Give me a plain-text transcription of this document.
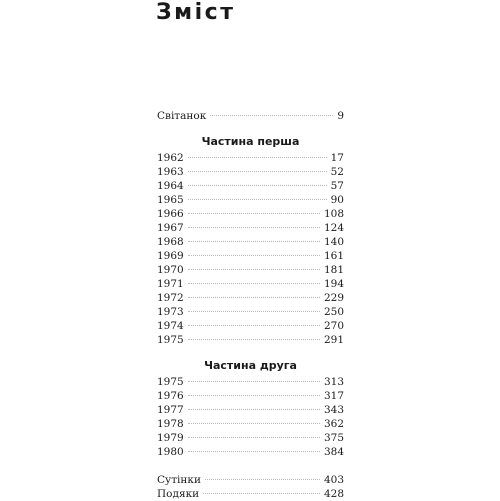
Зміст
Світанок	9
Частина перша
1962	17
1963	52
1964	57
1965	90
1966	108
1967	124
1968	140
1969	161
1970	181
1971	194
1972	229
1973	250
1974	270
1975	291
Частина друга
1975	313
1976	317
1977	343
1978	362
1979	375
1980	384
Сутінки	403
Подяки	428
